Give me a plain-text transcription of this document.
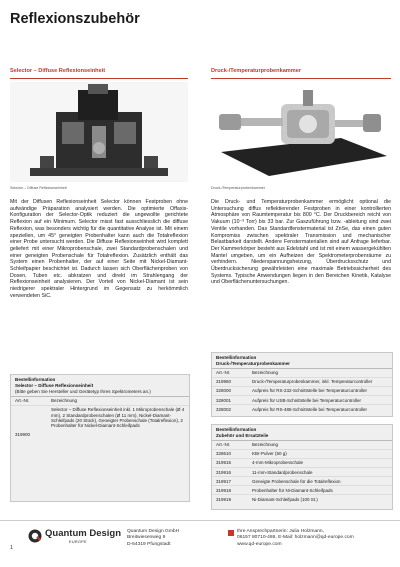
Reflexionszubehör
Selector – Diffuse Reflexionseinheit
Selector – Diffuse Reflexionseinheit
Mit der Diffusen Reflexionseinheit Selector können Festproben ohne aufwändige Präparation analysiert werden. Die optimierte Offaxis-Konfiguration der Selector-Optik reduziert die ungewollte gerichtete Reflexion auf ein Minimum. Selector misst fast ausschliesslich die diffuse Reflexion, was besonders wichtig für die quantitative Analyse ist. Mit einem speziellen, um 45° geneigten Probenhalter kann auch die Totalreflexion einer Probe untersucht werden. Die Diffuse Reflexionseinheit wird komplett geliefert mit einer Mikroprobenschale, zwei Standardprobenschalen und einer geneigten Probenschale für Totalreflexion. Zusätzlich enthält das System einen Probenhalter, der auf einer Seite mit Nickel-Diamant-Schleifpapier beschichtet ist. Dadurch lassen sich Oberflächenproben von Dosen, Tuben etc. abkratzen und direkt im Strahlengang der Reflexionseinheit analysieren. Der Vorteil von Nickel-Diamant ist sein niedrigerer spektraler Hintergrund im Gegensatz zu herkömmlich verwendeten SiC.
Bestellinformation
Selector – Diffuse Reflexionseinheit
(Bitte geben Sie Hersteller und Gerätetyp Ihres Spektrometers an.)
Art.-Nr.	Bezeichnung
319900	Selector – Diffuse Reflexionseinheit inkl. 1 Mikroprobenschale (Ø 4 mm), 2 Standardprobenschalen (Ø 11 mm), Nickel-Diamant-Schleifpads (20 Stück), Geneigter Probenschale (Totalreflexion), 2 Probenhalter für Nickel-Diamant-Schleifpads
Druck-/Temperaturprobenkammer
Druck-/Temperaturprobenkammer
Die Druck- und Temperaturprobenkammer ermöglicht optional die Untersuchung diffus reflektierender Festproben in einer kontrollierten Atmosphäre von Raumtemperatur bis 800 °C. Der Druckbereich reicht von Vakuum (10⁻³ Torr) bis 33 bar. Zur Gaszuführung bzw. -ableitung sind zwei Ventile vorhanden. Das Standardfenstermaterial ist ZnSe, das einen guten Kompromiss zwischen spektraler Transmission und mechanischer Belastbarkeit darstellt. Andere Fenstermaterialien sind auf Anfrage lieferbar. Der Kammerkörper besteht aus Edelstahl und ist mit einem wassergekühlten Mantel umgeben, um ein Aufheizen der Spektrometerprobenräume zu verhindern. Niederspannungsheizung, Überdrucksschutz und Überdrucksicherung gewährleisten eine maximale Betriebssicherheit des Systems. Typische Anwendungen liegen in den Bereichen Kinetik, Katalyse und Oberflächenuntersuchungen.
Bestellinformation
Druck-/Temperaturprobenkammer
Art.-Nr.	Bezeichnung
319950	Druck-/Temperaturprobenkammer, inkl. Temperaturcontroller
328000	Aufpreis für RS-232-Schnittstelle bei Temperaturcontroller
328001	Aufpreis für USB-Schnittstelle bei Temperaturcontroller
328002	Aufpreis für RS-485-Schnittstelle bei Temperaturcontroller
Bestellinformation
Zubehör und Ersatzteile
Art.-Nr.	Bezeichnung
328610	KBr-Pulver (50 g)
319915	4-mm-Mikroprobenschale
319916	11-mm-Standardprobenschale
319917	Geneigte Probenschale für die Totalreflexion
319918	Probenhalter für Ni-Diamant-Schleifpads
319919	Ni-Diamant-Schleifpads (100 St.)
1
Quantum Design
EUROPE
Quantum Design GmbH
Breitwiesenweg 9
D-64319 Pfungstadt
Ihre Ansprechpartnerin: Julia Holzmann,
06157 80710-486, E-Mail: holzmann@qd-europe.com
www.qd-europe.com
